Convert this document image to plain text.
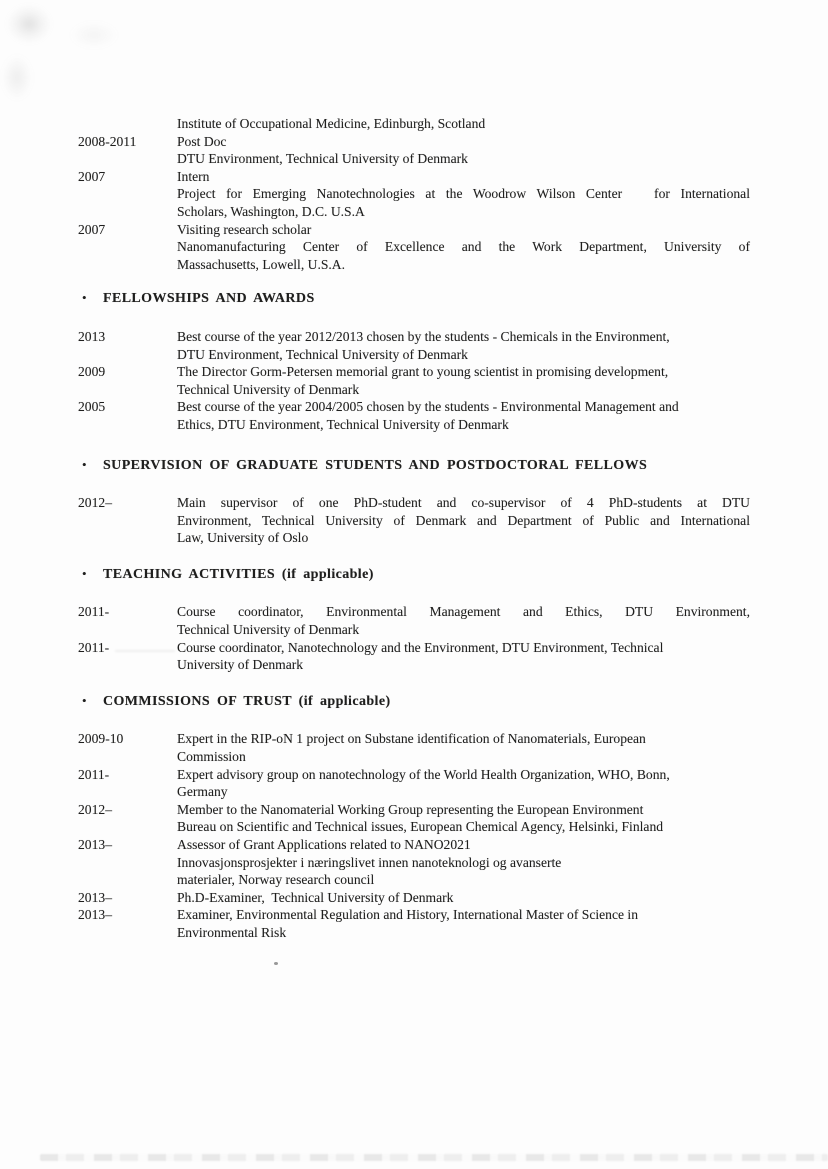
Institute of Occupational Medicine, Edinburgh, Scotland
2008-2011	Post Doc
DTU Environment, Technical University of Denmark
2007	Intern
Project for Emerging Nanotechnologies at the Woodrow Wilson Center   for International
Scholars, Washington, D.C. U.S.A
2007	Visiting research scholar
Nanomanufacturing Center of Excellence and the Work Department, University of
Massachusetts, Lowell, U.S.A.
•	FELLOWSHIPS AND AWARDS
2013	Best course of the year 2012/2013 chosen by the students - Chemicals in the Environment,
DTU Environment, Technical University of Denmark
2009	The Director Gorm-Petersen memorial grant to young scientist in promising development,
Technical University of Denmark
2005	Best course of the year 2004/2005 chosen by the students - Environmental Management and
Ethics, DTU Environment, Technical University of Denmark
•	SUPERVISION OF GRADUATE STUDENTS AND POSTDOCTORAL FELLOWS
2012–	Main supervisor of one PhD-student and co-supervisor of 4 PhD-students at DTU
Environment, Technical University of Denmark and Department of Public and International
Law, University of Oslo
•	TEACHING ACTIVITIES (if applicable)
2011-	Course coordinator, Environmental Management and Ethics, DTU Environment,
Technical University of Denmark
2011-	Course coordinator, Nanotechnology and the Environment, DTU Environment, Technical
University of Denmark
•	COMMISSIONS OF TRUST (if applicable)
2009-10	Expert in the RIP-oN 1 project on Substane identification of Nanomaterials, European
Commission
2011-	Expert advisory group on nanotechnology of the World Health Organization, WHO, Bonn,
Germany
2012–	Member to the Nanomaterial Working Group representing the European Environment
Bureau on Scientific and Technical issues, European Chemical Agency, Helsinki, Finland
2013–	Assessor of Grant Applications related to NANO2021
Innovasjonsprosjekter i næringslivet innen nanoteknologi og avanserte
materialer, Norway research council
2013–	Ph.D-Examiner,  Technical University of Denmark
2013–	Examiner, Environmental Regulation and History, International Master of Science in
Environmental Risk
